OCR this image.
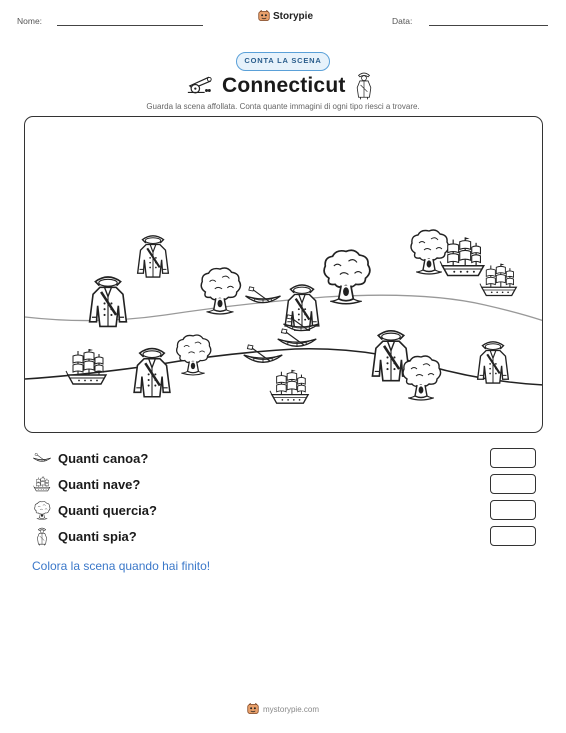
Nome:	Storypie	Data:
CONTA LA SCENA
Connecticut

Guarda la scena affollata. Conta quante immagini di ogni tipo riesci a trovare.

Quanti canoa?
Quanti nave?
Quanti quercia?
Quanti spia?

Colora la scena quando hai finito!

mystorypie.com
